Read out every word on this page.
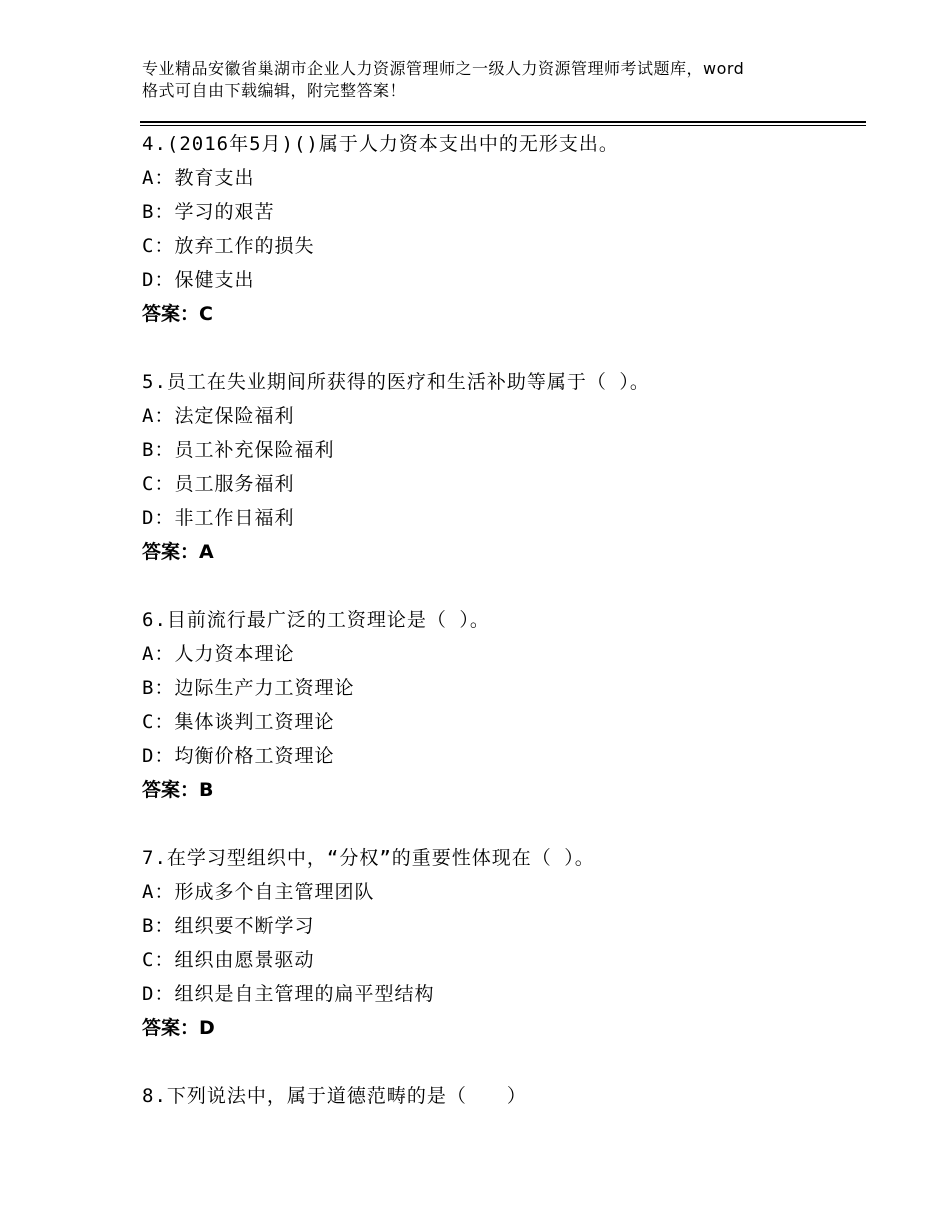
专业精品安徽省巢湖市企业人力资源管理师之一级人力资源管理师考试题库，word
格式可自由下载编辑，附完整答案！
4.(2016年5月)()属于人力资本支出中的无形支出。
A：教育支出
B：学习的艰苦
C：放弃工作的损失
D：保健支出
答案：C
5.员工在失业期间所获得的医疗和生活补助等属于（ ）。
A：法定保险福利
B：员工补充保险福利
C：员工服务福利
D：非工作日福利
答案：A
6.目前流行最广泛的工资理论是（ ）。
A：人力资本理论
B：边际生产力工资理论
C：集体谈判工资理论
D：均衡价格工资理论
答案：B
7.在学习型组织中，“分权”的重要性体现在（ ）。
A：形成多个自主管理团队
B：组织要不断学习
C：组织由愿景驱动
D：组织是自主管理的扁平型结构
答案：D
8.下列说法中，属于道德范畴的是（　　）
